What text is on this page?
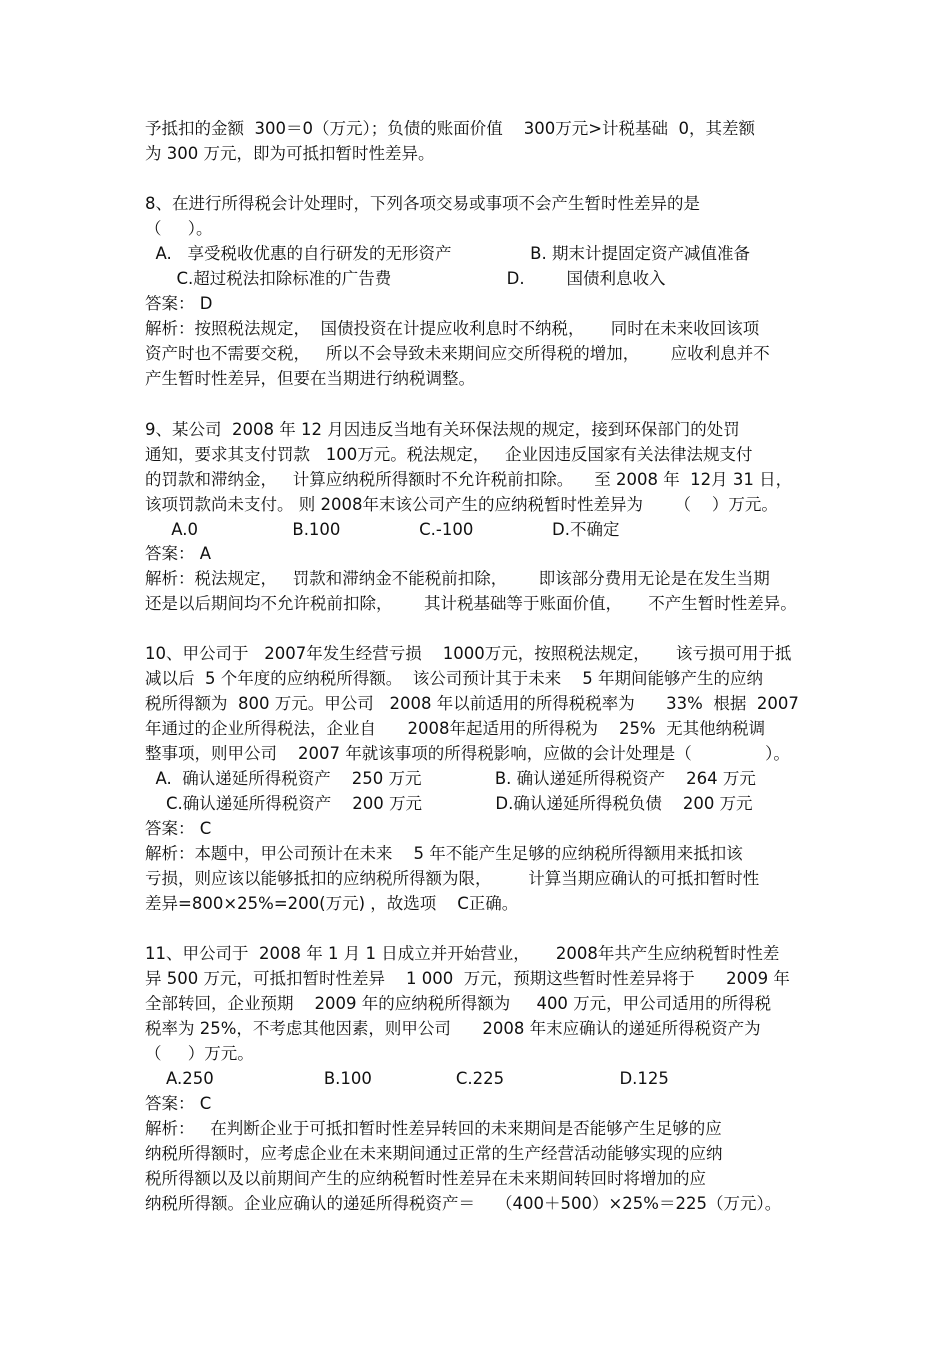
予抵扣的金额  300＝0（万元）；负债的账面价值    300万元>计税基础  0，其差额

为 300 万元，即为可抵扣暂时性差异。

8、在进行所得税会计处理时，下列各项交易或事项不会产生暂时性差异的是

（     ）。

A.   享受税收优惠的自行研发的无形资产               B. 期末计提固定资产减值准备

C.超过税法扣除标准的广告费                      D.        国债利息收入

答案： D

解析：按照税法规定，  国债投资在计提应收利息时不纳税，     同时在未来收回该项

资产时也不需要交税，   所以不会导致未来期间应交所得税的增加，      应收利息并不

产生暂时性差异，但要在当期进行纳税调整。

9、某公司  2008 年 12 月因违反当地有关环保法规的规定，接到环保部门的处罚

通知，要求其支付罚款   100万元。税法规定，   企业因违反国家有关法律法规支付

的罚款和滞纳金，   计算应纳税所得额时不允许税前扣除。    至 2008 年  12月 31 日，

该项罚款尚未支付。 则 2008年末该公司产生的应纳税暂时性差异为      （    ）万元。

A.0                  B.100               C.-100               D.不确定

答案： A

解析：税法规定，   罚款和滞纳金不能税前扣除，      即该部分费用无论是在发生当期

还是以后期间均不允许税前扣除，      其计税基础等于账面价值，     不产生暂时性差异。

10、甲公司于   2007年发生经营亏损    1000万元，按照税法规定，     该亏损可用于抵

减以后  5 个年度的应纳税所得额。  该公司预计其于未来    5 年期间能够产生的应纳

税所得额为  800 万元。甲公司   2008 年以前适用的所得税税率为      33%  根据  2007

年通过的企业所得税法，企业自      2008年起适用的所得税为    25%  无其他纳税调

整事项，则甲公司    2007 年就该事项的所得税影响，应做的会计处理是（              ）。

A.  确认递延所得税资产    250 万元              B. 确认递延所得税资产    264 万元

C.确认递延所得税资产    200 万元              D.确认递延所得税负债    200 万元

答案： C

解析：本题中，甲公司预计在未来    5 年不能产生足够的应纳税所得额用来抵扣该

亏损，则应该以能够抵扣的应纳税所得额为限，       计算当期应确认的可抵扣暂时性

差异=800×25%=200(万元) ，故选项    C正确。

11、甲公司于  2008 年 1 月 1 日成立并开始营业，     2008年共产生应纳税暂时性差

异 500 万元，可抵扣暂时性差异    1 000  万元，预期这些暂时性差异将于      2009 年

全部转回，企业预期    2009 年的应纳税所得额为     400 万元，甲公司适用的所得税

税率为 25%，不考虑其他因素，则甲公司      2008 年末应确认的递延所得税资产为

（     ）万元。

A.250                     B.100                C.225                      D.125

答案： C

解析：   在判断企业于可抵扣暂时性差异转回的未来期间是否能够产生足够的应

纳税所得额时，应考虑企业在未来期间通过正常的生产经营活动能够实现的应纳

税所得额以及以前期间产生的应纳税暂时性差异在未来期间转回时将增加的应

纳税所得额。企业应确认的递延所得税资产＝    （400＋500）×25%＝225（万元）。
